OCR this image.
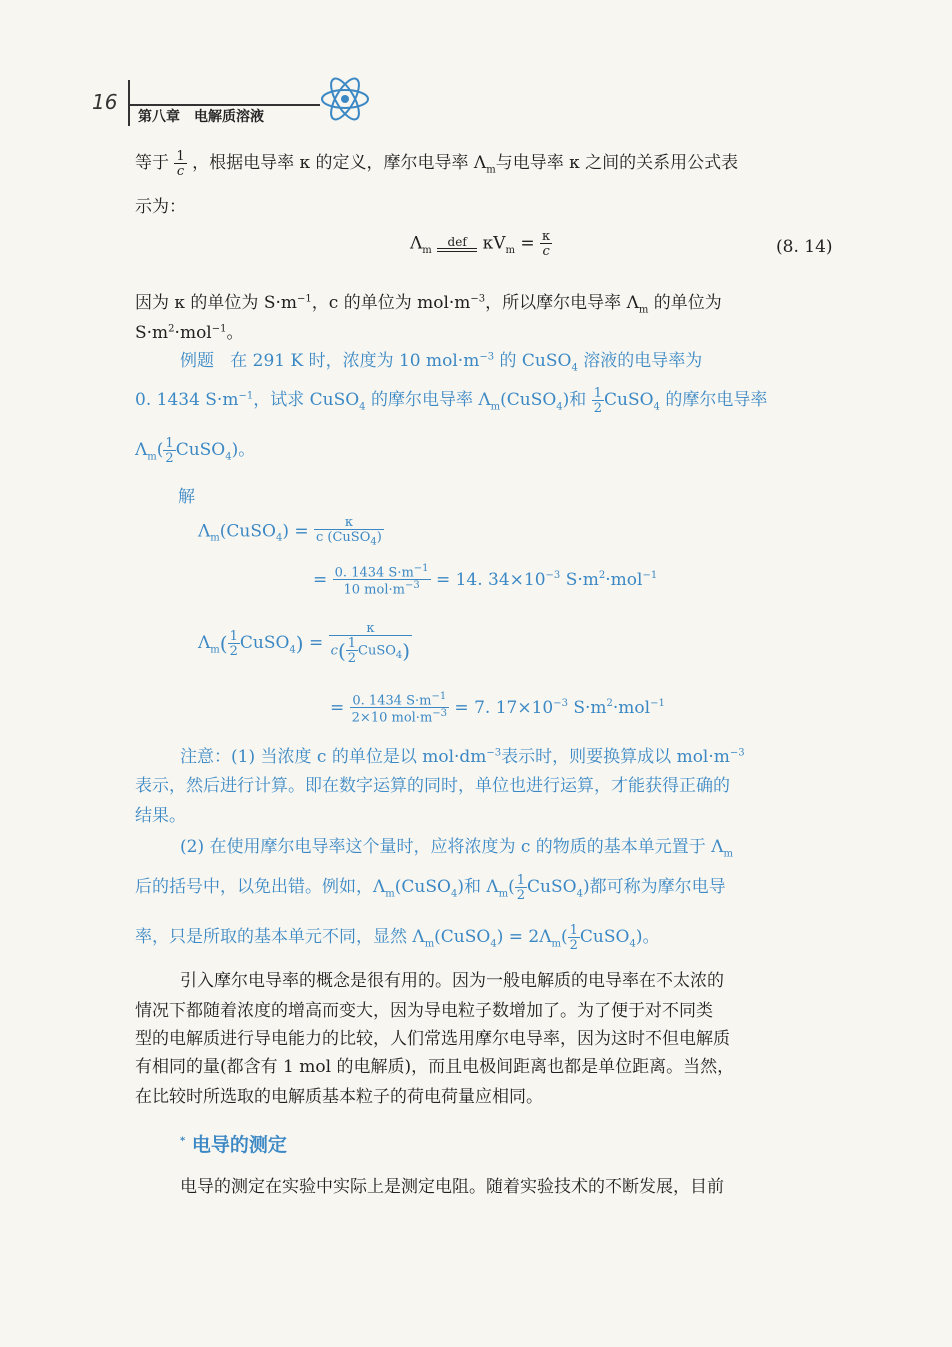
16
第八章　电解质溶液
等于 $\frac{1}{c}$ ，根据电导率 κ 的定义，摩尔电导率 $\Lambda_m$与电导率 κ 之间的关系用公式表
示为：
$\Lambda_m$
def $\kappa V_m = \frac{\kappa}{c}$	(8. 14)
因为 κ 的单位为 $S\cdot m^{-1}$，c 的单位为 $mol\cdot m^{-3}$，所以摩尔电导率 $\Lambda_m$ 的单位为
$S\cdot m^2\cdot mol^{-1}$。
例题 在 291 K 时，浓度为 10 $mol\cdot m^{-3}$ 的 CuSO$_4$ 溶液的电导率为
0. 1434 $S\cdot m^{-1}$，试求 CuSO$_4$ 的摩尔电导率 $\Lambda_m(CuSO_4)$和 $\frac{1}{2}$ CuSO$_4$ 的摩尔电导率
$\Lambda_m( \frac{1}{2}$ CuSO$_4$)。
解
$\Lambda_m(CuSO_4) = \frac{\kappa}{c (CuSO_4)}$
= $\frac{0. 1434 S\cdot m^{-1}}{10 mol\cdot m^{-3}} = 14$. $34\times 10^{-3}$ $S\cdot m^2\cdot mol^{-1}$
$\Lambda_m( \frac{1}{2}$ CuSO$_4$) = $\frac{\kappa}{c( \frac{1}{2} CuSO_4)}$
= $\frac{0. 1434 S\cdot m^{-1}}{2\times 10 mol\cdot m^{-3}} = 7$. $17\times 10^{-3}$ $S\cdot m^2\cdot mol^{-1}$
注意：(1) 当浓度 c 的单位是以 $mol\cdot dm^{-3}$表示时，则要换算成以 $mol\cdot m^{-3}$
表示，然后进行计算。即在数字运算的同时，单位也进行运算，才能获得正确的
结果。
(2) 在使用摩尔电导率这个量时，应将浓度为 c 的物质的基本单元置于 $\Lambda_m$
后的括号中，以免出错。例如，$\Lambda_m(CuSO_4)$和 $\Lambda_m( \frac{1}{2}$ CuSO$_4$)都可称为摩尔电导
率，只是所取的基本单元不同，显然 $\Lambda_m(CuSO_4) = 2\Lambda_m( \frac{1}{2}$ CuSO$_4$)。
引入摩尔电导率的概念是很有用的。因为一般电解质的电导率在不太浓的
情况下都随着浓度的增高而变大，因为导电粒子数增加了。为了便于对不同类
型的电解质进行导电能力的比较，人们常选用摩尔电导率，因为这时不但电解质
有相同的量(都含有 1 mol 的电解质)，而且电极间距离也都是单位距离。当然，
在比较时所选取的电解质基本粒子的荷电荷量应相同。
* 电导的测定
电导的测定在实验中实际上是测定电阻。随着实验技术的不断发展，目前
